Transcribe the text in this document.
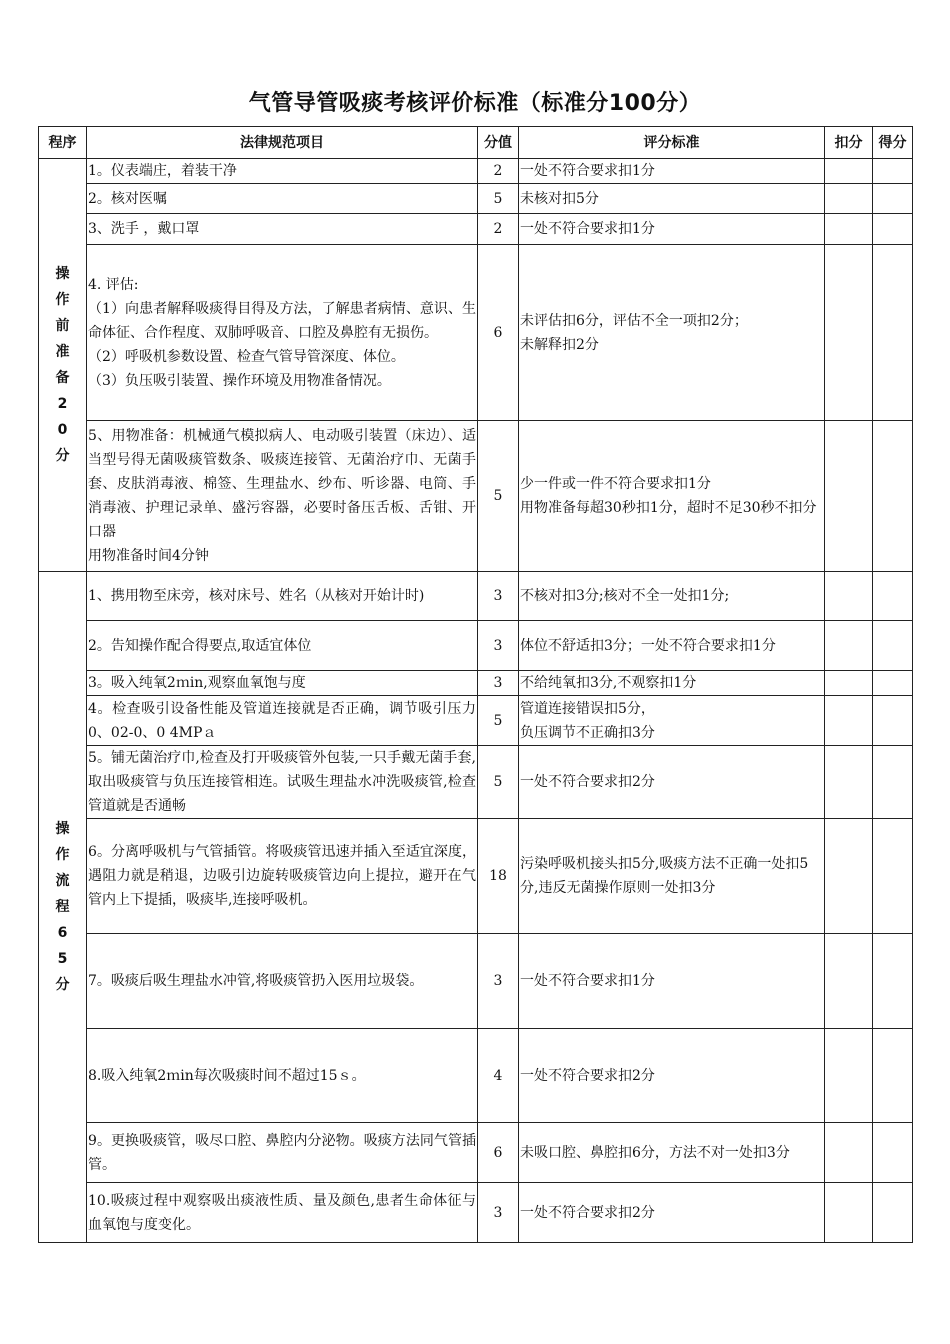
气管导管吸痰考核评价标准（标准分100分）
程序	法律规范项目	分值	评分标准	扣分	得分

操作前准备20分	1。仪表端庄，着装干净	2	一处不符合要求扣1分		
	2。核对医嘱	5	未核对扣5分		
	3、洗手 ，戴口罩	2	一处不符合要求扣1分		
	4. 评估:
（1）向患者解释吸痰得目得及方法，了解患者病情、意识、生命体征、合作程度、双肺呼吸音、口腔及鼻腔有无损伤。
（2）呼吸机参数设置、检查气管导管深度、体位。
（3）负压吸引装置、操作环境及用物准备情况。	6	未评估扣6分，评估不全一项扣2分；
未解释扣2分		
	5、用物准备：机械通气模拟病人、电动吸引装置（床边）、适当型号得无菌吸痰管数条、吸痰连接管、无菌治疗巾、无菌手套、皮肤消毒液、棉签、生理盐水、纱布、听诊器、电筒、手消毒液、护理记录单、盛污容器，必要时备压舌板、舌钳、开口器
用物准备时间4分钟	5	少一件或一件不符合要求扣1分
用物准备每超30秒扣1分，超时不足30秒不扣分		

操作流程65分	1、携用物至床旁，核对床号、姓名（从核对开始计时)	3	不核对扣3分;核对不全一处扣1分;		
	2。告知操作配合得要点,取适宜体位	3	体位不舒适扣3分；一处不符合要求扣1分		
	3。吸入纯氧2ｍin,观察血氧饱与度	3	不给纯氧扣3分,不观察扣1分		
	4。检查吸引设备性能及管道连接就是否正确，调节吸引压力0、02-0、0 4MPａ	5	管道连接错误扣5分，
负压调节不正确扣3分		
	5。铺无菌治疗巾,检查及打开吸痰管外包装,一只手戴无菌手套,取出吸痰管与负压连接管相连。试吸生理盐水冲洗吸痰管,检查管道就是否通畅	5	一处不符合要求扣2分		
	6。分离呼吸机与气管插管。将吸痰管迅速并插入至适宜深度，遇阻力就是稍退，边吸引边旋转吸痰管边向上提拉，避开在气管内上下提插，吸痰毕,连接呼吸机。	18	污染呼吸机接头扣5分,吸痰方法不正确一处扣5分,违反无菌操作原则一处扣3分		
	7。吸痰后吸生理盐水冲管,将吸痰管扔入医用垃圾袋。	3	一处不符合要求扣1分		
	8.吸入纯氧2ｍin每次吸痰时间不超过15ｓ。	4	一处不符合要求扣2分		
	9。更换吸痰管，吸尽口腔、鼻腔内分泌物。吸痰方法同气管插管。	6	未吸口腔、鼻腔扣6分，方法不对一处扣3分		
	10.吸痰过程中观察吸出痰液性质、量及颜色,患者生命体征与血氧饱与度变化。	3	一处不符合要求扣2分		
